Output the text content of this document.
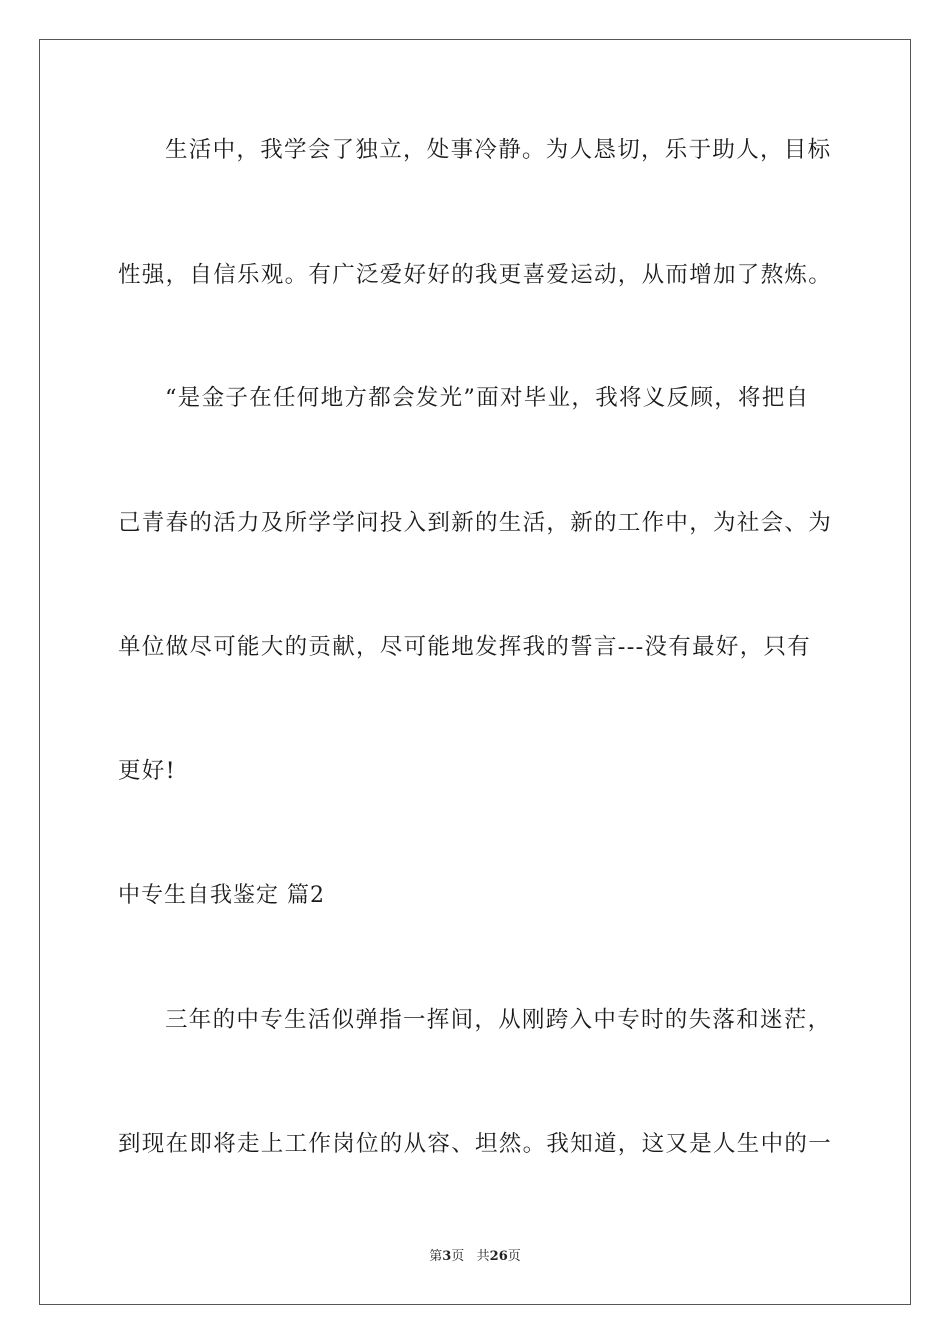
生活中，我学会了独立，处事冷静。为人恳切，乐于助人，目标
性强，自信乐观。有广泛爱好好的我更喜爱运动，从而增加了熬炼。
“是金子在任何地方都会发光”面对毕业，我将义反顾，将把自
己青春的活力及所学学问投入到新的生活，新的工作中，为社会、为
单位做尽可能大的贡献，尽可能地发挥我的誓言---没有最好，只有
更好!
中专生自我鉴定 篇2
三年的中专生活似弹指一挥间，从刚跨入中专时的失落和迷茫，
到现在即将走上工作岗位的从容、坦然。我知道，这又是人生中的一
第3页   共26页
